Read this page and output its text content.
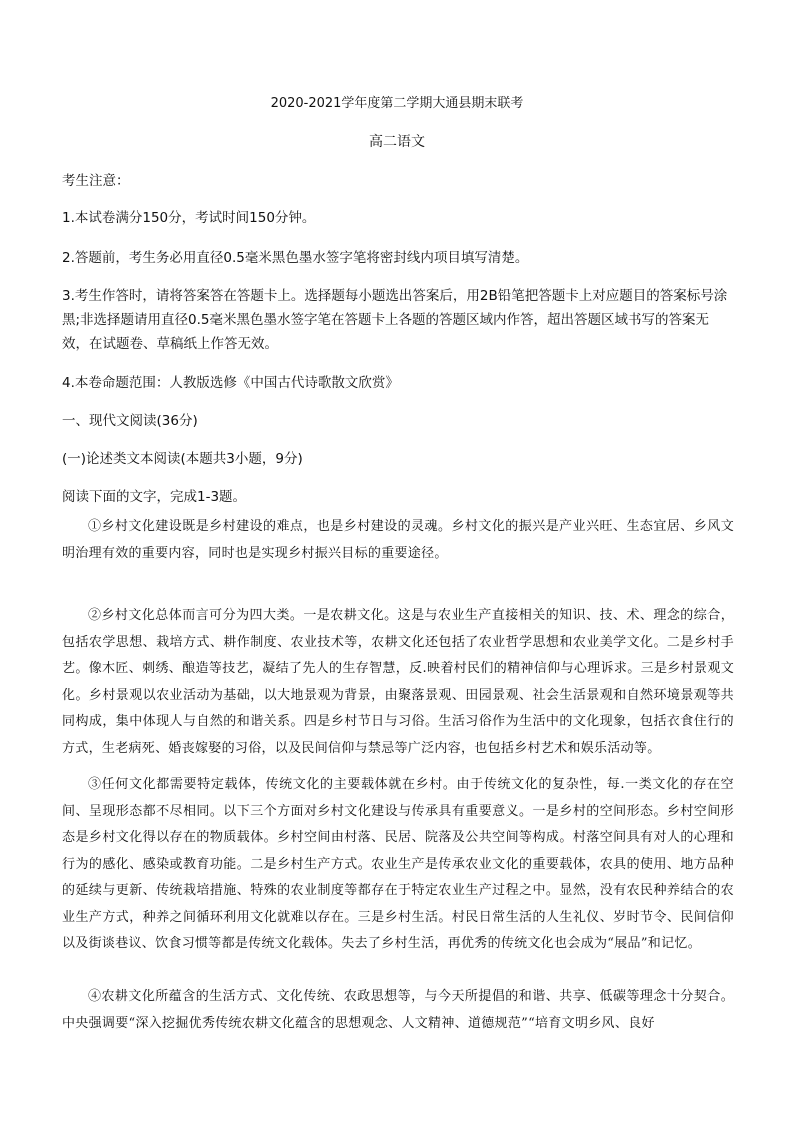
2020-2021学年度第二学期大通县期末联考
高二语文
考生注意：
1.本试卷满分150分，考试时间150分钟。
2.答题前，考生务必用直径0.5毫米黑色墨水签字笔将密封线内项目填写清楚。
3.考生作答时，请将答案答在答题卡上。选择题每小题选出答案后，用2B铅笔把答题卡上对应题目的答案标号涂黑;非选择题请用直径0.5毫米黑色墨水签字笔在答题卡上各题的答题区域内作答，超出答题区域书写的答案无效，在试题卷、草稿纸上作答无效。
4.本卷命题范围：人教版选修《中国古代诗歌散文欣赏》
一、现代文阅读(36分)
(一)论述类文本阅读(本题共3小题，9分)
阅读下面的文字，完成1-3题。
①乡村文化建设既是乡村建设的难点，也是乡村建设的灵魂。乡村文化的振兴是产业兴旺、生态宜居、乡风文明治理有效的重要内容，同时也是实现乡村振兴目标的重要途径。
②乡村文化总体而言可分为四大类。一是农耕文化。这是与农业生产直接相关的知识、技、术、理念的综合，包括农学思想、栽培方式、耕作制度、农业技术等，农耕文化还包括了农业哲学思想和农业美学文化。二是乡村手艺。像木匠、刺绣、酿造等技艺，凝结了先人的生存智慧，反.映着村民们的精神信仰与心理诉求。三是乡村景观文化。乡村景观以农业活动为基础，以大地景观为背景，由聚落景观、田园景观、社会生活景观和自然环境景观等共同构成，集中体现人与自然的和谐关系。四是乡村节日与习俗。生活习俗作为生活中的文化现象，包括衣食住行的方式，生老病死、婚丧嫁娶的习俗，以及民间信仰与禁忌等广泛内容，也包括乡村艺术和娱乐活动等。
③任何文化都需要特定载体，传统文化的主要载体就在乡村。由于传统文化的复杂性，每.一类文化的存在空间、呈现形态都不尽相同。以下三个方面对乡村文化建设与传承具有重要意义。一是乡村的空间形态。乡村空间形态是乡村文化得以存在的物质载体。乡村空间由村落、民居、院落及公共空间等构成。村落空间具有对人的心理和行为的感化、感染或教育功能。二是乡村生产方式。农业生产是传承农业文化的重要载体，农具的使用、地方品种的延续与更新、传统栽培措施、特殊的农业制度等都存在于特定农业生产过程之中。显然，没有农民种养结合的农业生产方式，种养之间循环利用文化就难以存在。三是乡村生活。村民日常生活的人生礼仪、岁时节令、民间信仰以及街谈巷议、饮食习惯等都是传统文化载体。失去了乡村生活，再优秀的传统文化也会成为“展品”和记忆。
④农耕文化所蕴含的生活方式、文化传统、农政思想等，与今天所提倡的和谐、共享、低碳等理念十分契合。中央强调要“深入挖掘优秀传统农耕文化蕴含的思想观念、人文精神、道德规范”“培育文明乡风、良好
